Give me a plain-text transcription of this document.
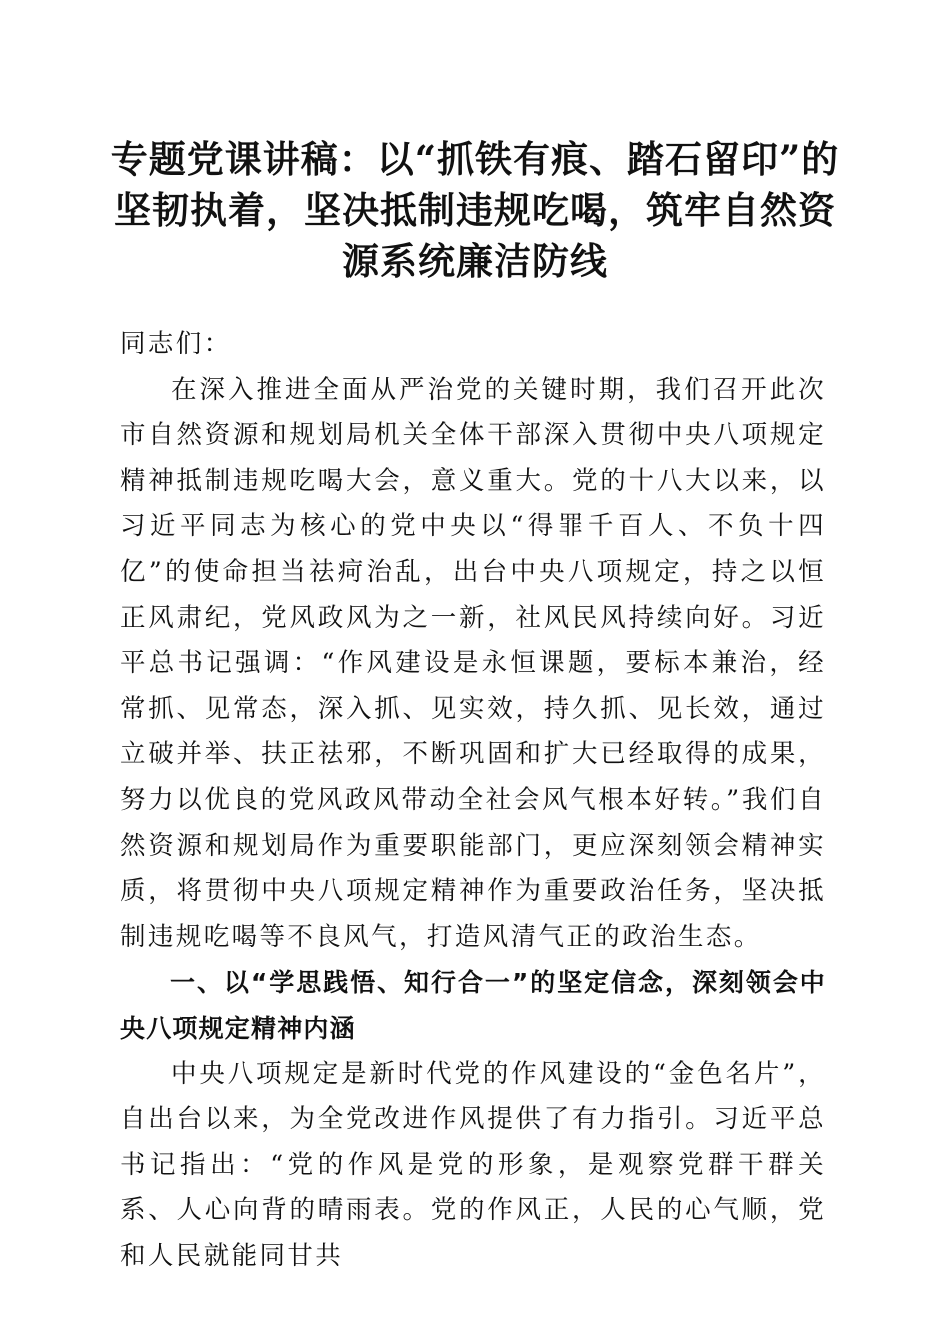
专题党课讲稿：以“抓铁有痕、踏石留印”的坚韧执着，坚决抵制违规吃喝，筑牢自然资源系统廉洁防线

同志们：

在深入推进全面从严治党的关键时期，我们召开此次市自然资源和规划局机关全体干部深入贯彻中央八项规定精神抵制违规吃喝大会，意义重大。党的十八大以来，以习近平同志为核心的党中央以“得罪千百人、不负十四亿”的使命担当祛疴治乱，出台中央八项规定，持之以恒正风肃纪，党风政风为之一新，社风民风持续向好。习近平总书记强调：“作风建设是永恒课题，要标本兼治，经常抓、见常态，深入抓、见实效，持久抓、见长效，通过立破并举、扶正祛邪，不断巩固和扩大已经取得的成果，努力以优良的党风政风带动全社会风气根本好转。”我们自然资源和规划局作为重要职能部门，更应深刻领会精神实质，将贯彻中央八项规定精神作为重要政治任务，坚决抵制违规吃喝等不良风气，打造风清气正的政治生态。

一、以“学思践悟、知行合一”的坚定信念，深刻领会中央八项规定精神内涵

中央八项规定是新时代党的作风建设的“金色名片”，自出台以来，为全党改进作风提供了有力指引。习近平总书记指出：“党的作风是党的形象，是观察党群干群关系、人心向背的晴雨表。党的作风正，人民的心气顺，党和人民就能同甘共
